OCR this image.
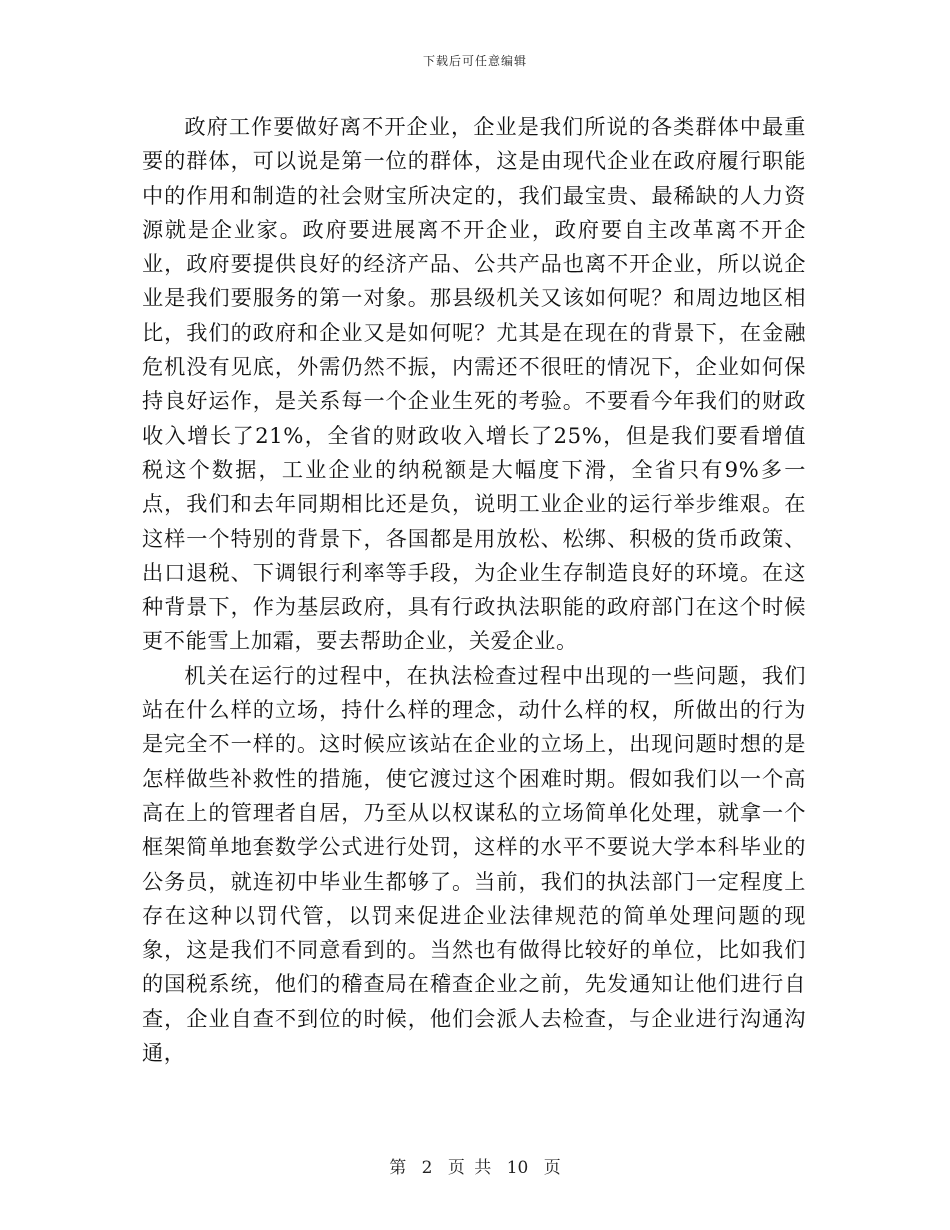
下载后可任意编辑

政府工作要做好离不开企业，企业是我们所说的各类群体中最重要的群体，可以说是第一位的群体，这是由现代企业在政府履行职能中的作用和制造的社会财宝所决定的，我们最宝贵、最稀缺的人力资源就是企业家。政府要进展离不开企业，政府要自主改革离不开企业，政府要提供良好的经济产品、公共产品也离不开企业，所以说企业是我们要服务的第一对象。那县级机关又该如何呢？和周边地区相比，我们的政府和企业又是如何呢？尤其是在现在的背景下，在金融危机没有见底，外需仍然不振，内需还不很旺的情况下，企业如何保持良好运作，是关系每一个企业生死的考验。不要看今年我们的财政收入增长了21%，全省的财政收入增长了25%，但是我们要看增值税这个数据，工业企业的纳税额是大幅度下滑，全省只有9%多一点，我们和去年同期相比还是负，说明工业企业的运行举步维艰。在这样一个特别的背景下，各国都是用放松、松绑、积极的货币政策、出口退税、下调银行利率等手段，为企业生存制造良好的环境。在这种背景下，作为基层政府，具有行政执法职能的政府部门在这个时候更不能雪上加霜，要去帮助企业，关爱企业。

机关在运行的过程中，在执法检查过程中出现的一些问题，我们站在什么样的立场，持什么样的理念，动什么样的权，所做出的行为是完全不一样的。这时候应该站在企业的立场上，出现问题时想的是怎样做些补救性的措施，使它渡过这个困难时期。假如我们以一个高高在上的管理者自居，乃至从以权谋私的立场简单化处理，就拿一个框架简单地套数学公式进行处罚，这样的水平不要说大学本科毕业的公务员，就连初中毕业生都够了。当前，我们的执法部门一定程度上存在这种以罚代管，以罚来促进企业法律规范的简单处理问题的现象，这是我们不同意看到的。当然也有做得比较好的单位，比如我们的国税系统，他们的稽查局在稽查企业之前，先发通知让他们进行自查，企业自查不到位的时候，他们会派人去检查，与企业进行沟通沟通，

第 2 页 共 10 页
